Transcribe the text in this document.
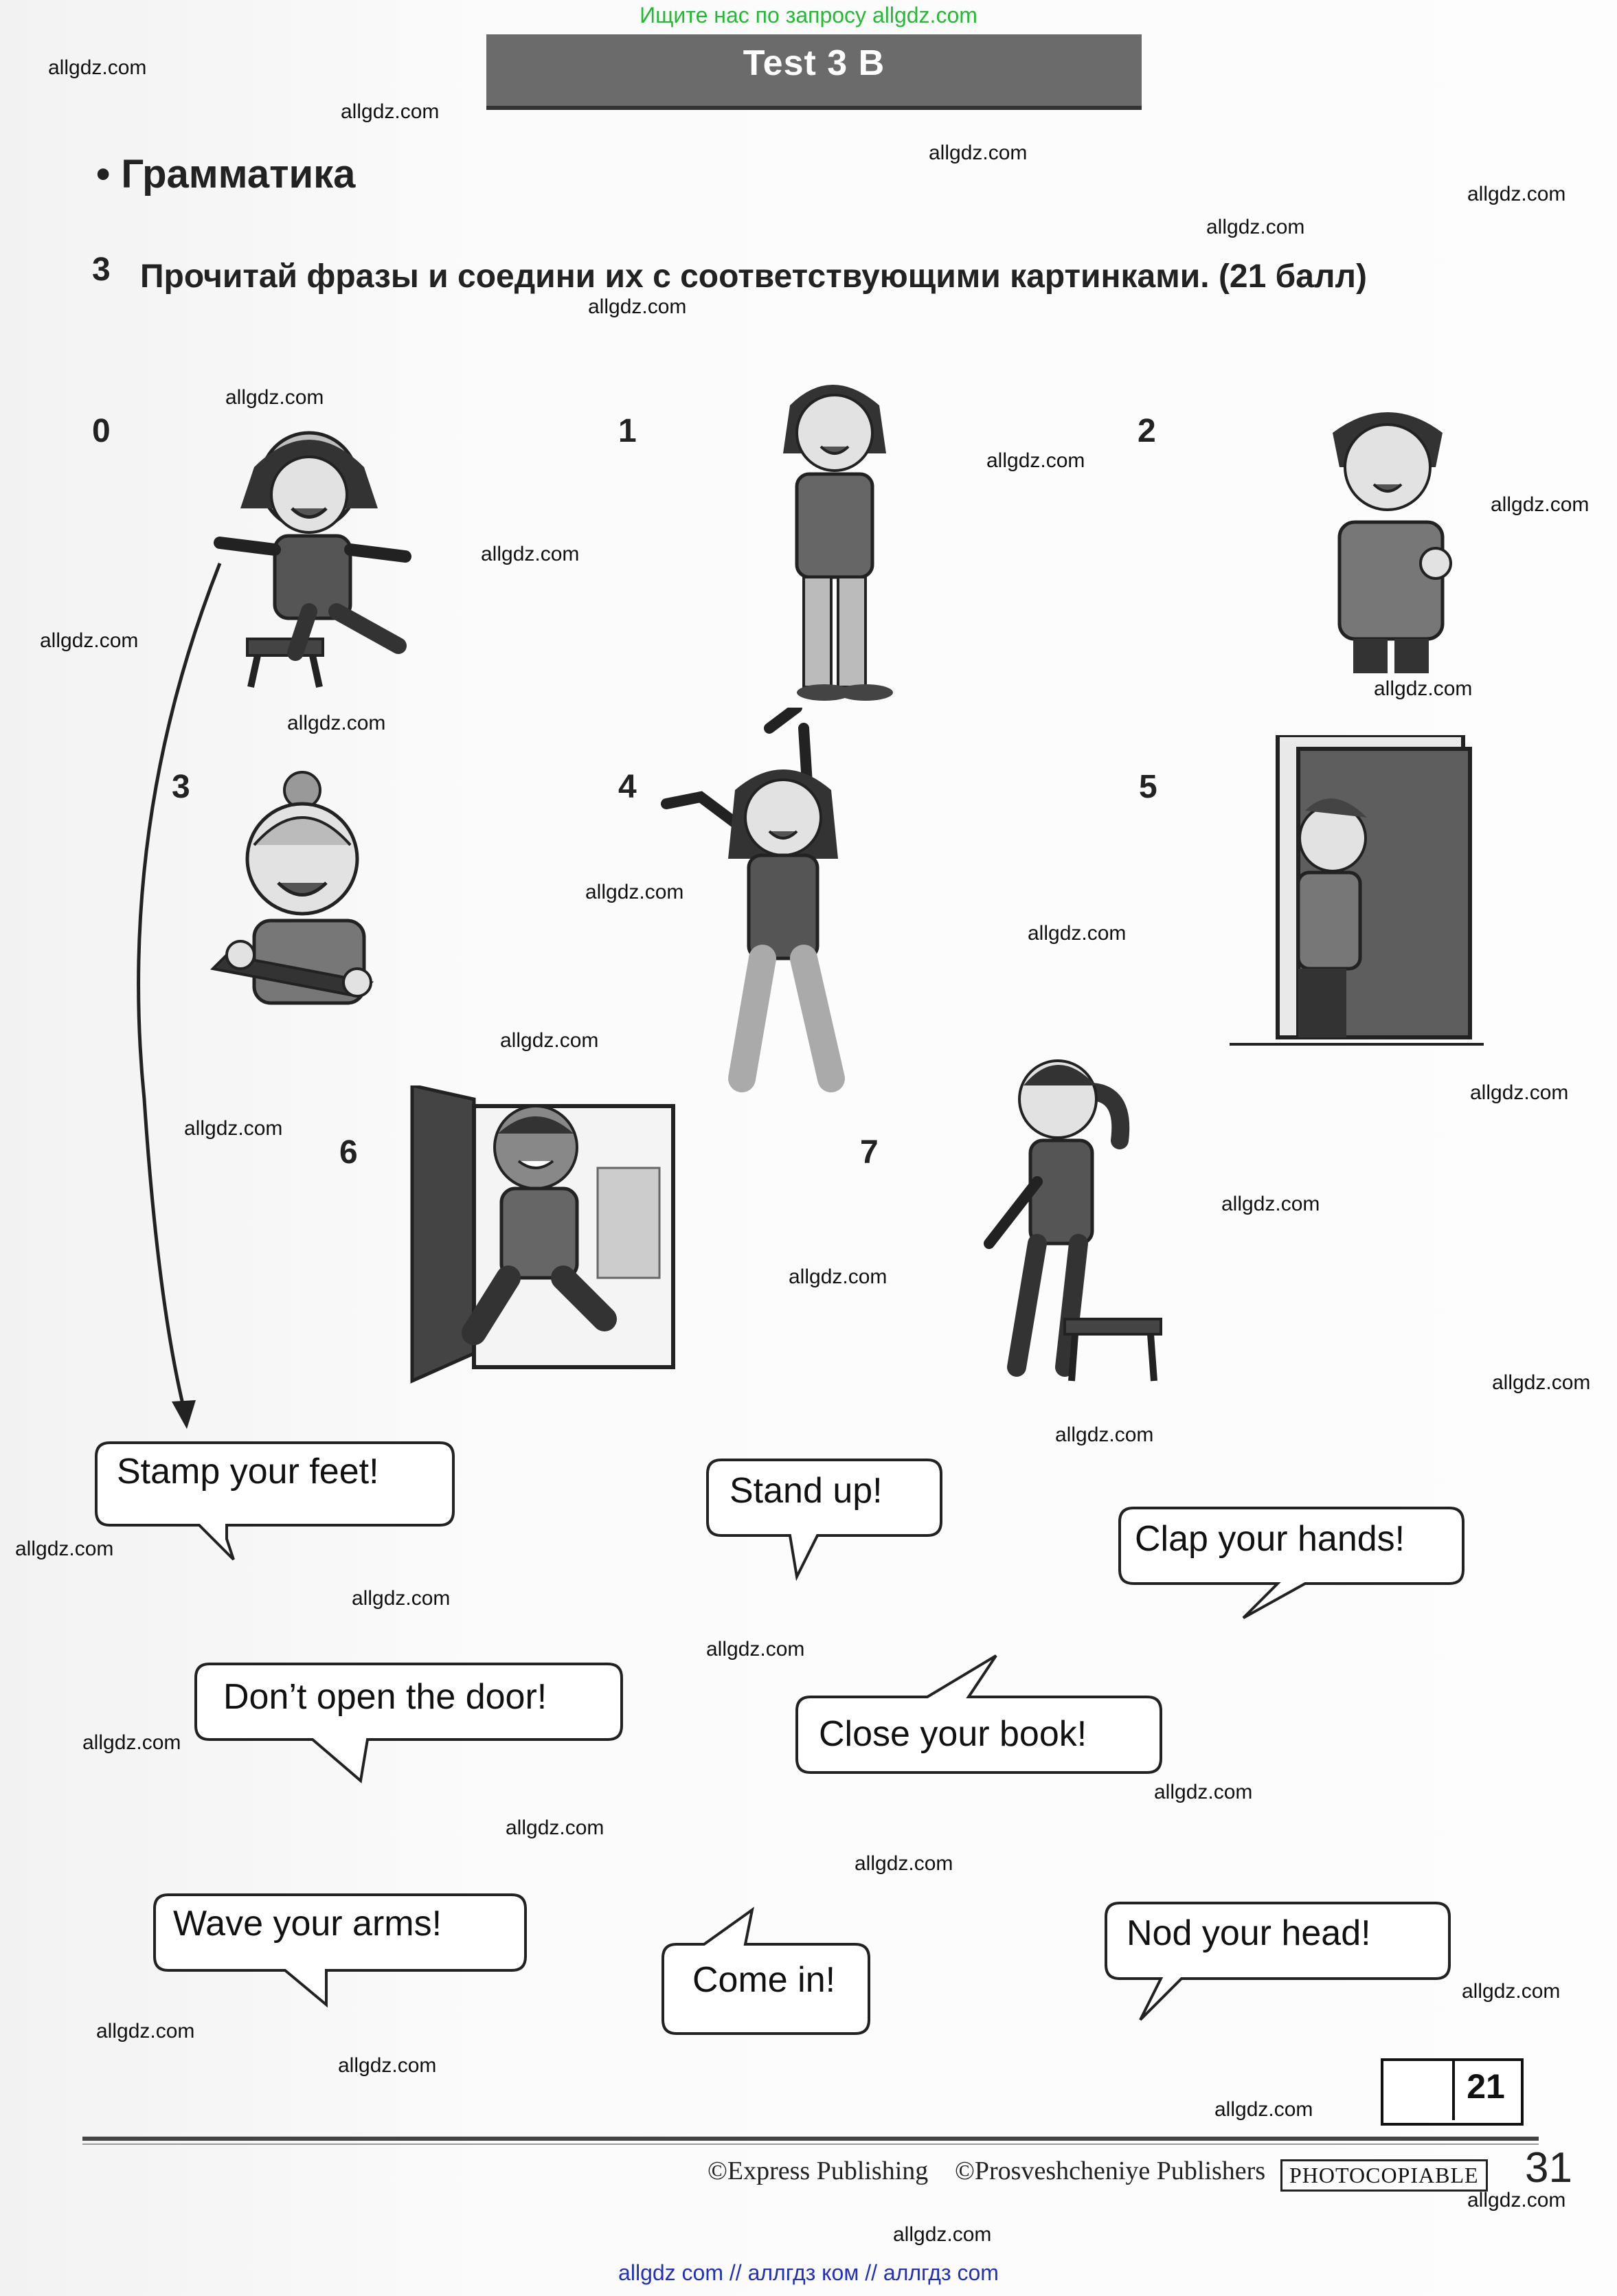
Ищите нас по запросу allgdz.com
allgdz.com
allgdz.com
allgdz.com
allgdz.com
allgdz.com
allgdz.com
allgdz.com
allgdz.com
allgdz.com
allgdz.com
allgdz.com
allgdz.com
allgdz.com
allgdz.com
allgdz.com
allgdz.com
allgdz.com
allgdz.com
allgdz.com
allgdz.com
allgdz.com
allgdz.com
allgdz.com
allgdz.com
allgdz.com
allgdz.com
allgdz.com
allgdz.com
allgdz.com
allgdz.com
allgdz.com
allgdz.com
allgdz.com
allgdz.com
allgdz.com
Test 3 B
• Грамматика
3 Прочитай фразы и соедини их с соответствующими картинками. (21 балл)
0	1	2
3	4	5
6	7
Stamp your feet!	Stand up!
Clap your hands!
Don’t open the door!
Close your book!
Wave your arms!
Come in!
Nod your head!
21
©Express Publishing ©Prosveshcheniye Publishers	PHOTOCOPIABLE 31
allgdz com // аллгдз ком // аллгдз com
